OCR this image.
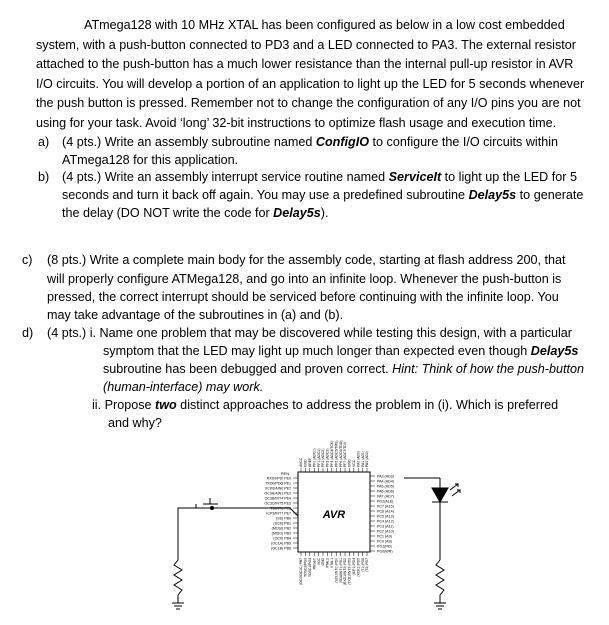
ATmega128 with 10 MHz XTAL has been configured as below in a low cost embedded
system, with a push-button connected to PD3 and a LED connected to PA3. The external resistor
attached to the push-button has a much lower resistance than the internal pull-up resistor in AVR
I/O circuits. You will develop a portion of an application to light up the LED for 5 seconds whenever
the push button is pressed. Remember not to change the configuration of any I/O pins you are not
using for your task. Avoid ‘long’ 32-bit instructions to optimize flash usage and execution time.
a) (4 pts.) Write an assembly subroutine named ConfigIO to configure the I/O circuits within
ATmega128 for this application.
b) (4 pts.) Write an assembly interrupt service routine named ServiceIt to light up the LED for 5
seconds and turn it back off again. You may use a predefined subroutine Delay5s to generate
the delay (DO NOT write the code for Delay5s).
c) (8 pts.) Write a complete main body for the assembly code, starting at flash address 200, that
will properly configure ATMega128, and go into an infinite loop. Whenever the push-button is
pressed, the correct interrupt should be serviced before continuing with the infinite loop. You
may take advantage of the subroutines in (a) and (b).
d) (4 pts.) i. Name one problem that may be discovered while testing this design, with a particular
symptom that the LED may light up much longer than expected even though Delay5s
subroutine has been debugged and proven correct. Hint: Think of how the push-button
(human-interface) may work.
ii. Propose two distinct approaches to address the problem in (i). Which is preferred
and why?
AVR
PEN
RXD0/PDI PE0
TXD0/PDO PE1
XCK0/AIN0 PE2
OC3A/AIN1 PE3
OC3B/INT4 PE4
OC3C/INT5 PE5
T3/INT6 PE6
ICP3/INT7 PE7
(SS) PB0
(SCK) PB1
(MOSI) PB2
(MISO) PB3
(OC0) PB4
(OC1A) PB5
(OC1B) PB6
PA3 (AD3)
PA4 (AD4)
PA5 (AD5)
PA6 (AD6)
PA7 (AD7)
PG2(ALE)
PC7 (A15)
PC6 (A14)
PC5 (A13)
PC4 (A12)
PC3 (A11)
PC2 (A10)
PC1 (A9)
PC0 (A8)
PG1(RD)
PG0(WR)
AVCC GND AREF PF0 (ADC0) PF1 (ADC1) PF2 (ADC2) PF3 (ADC3) PF4 (ADC4/TCK) PF5 (ADC5/TMS) PF6 (ADC6/TDO) PF7 (ADC7/TDI) GND VCC PA0 (AD0) PA1 (AD1) PA2 (AD2)
(OC2/OC1C) PB7 TOSC2/PG3 TOSC1/PG4 RESET VCC GND XTAL2 XTAL1 (SCL/INT0) PD0 (SDA/INT1) PD1 (RXD1/INT2) PD2 (TXD1/INT3) PD3 (ICP1) PD4 (XCK1) PD5 (T1) PD6 (T2) PD7
